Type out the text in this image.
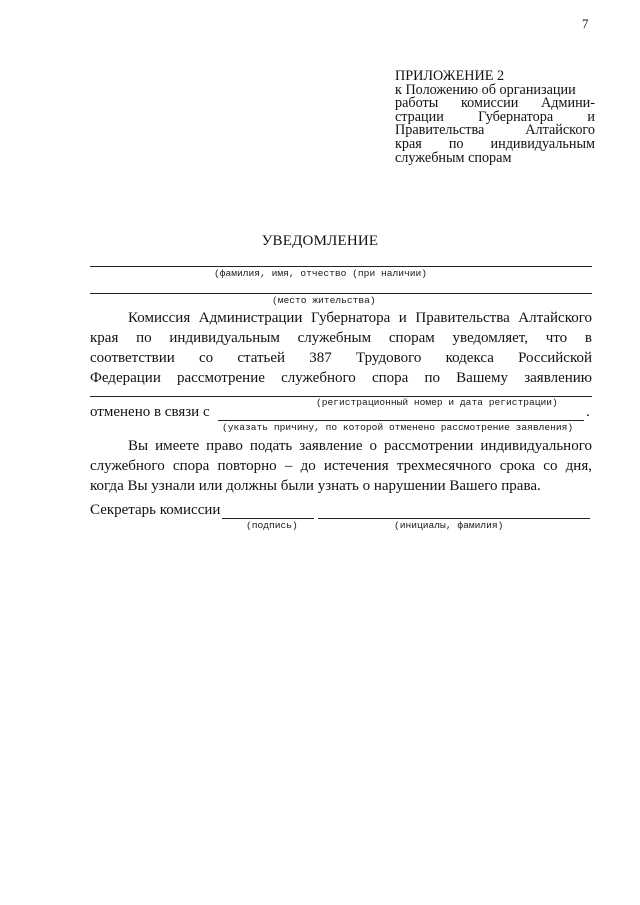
7
ПРИЛОЖЕНИЕ 2
к Положению об организации
работы комиссии Админи-
страции Губернатора и
Правительства Алтайского
края по индивидуальным
служебным спорам
УВЕДОМЛЕНИЕ
(фамилия, имя, отчество (при наличии)
(место жительства)
Комиссия Администрации Губернатора и Правительства Алтайского
края по индивидуальным служебным спорам уведомляет, что в
соответствии со статьей 387 Трудового кодекса Российской
Федерации рассмотрение служебного спора по Вашему заявлению
(регистрационный номер и дата регистрации)
отменено в связи с	.
(указать причину, по которой отменено рассмотрение заявления)
Вы имеете право подать заявление о рассмотрении индивидуального
служебного спора повторно – до истечения трехмесячного срока со дня,
когда Вы узнали или должны были узнать о нарушении Вашего права.
Секретарь комиссии
(подпись)	(инициалы, фамилия)
